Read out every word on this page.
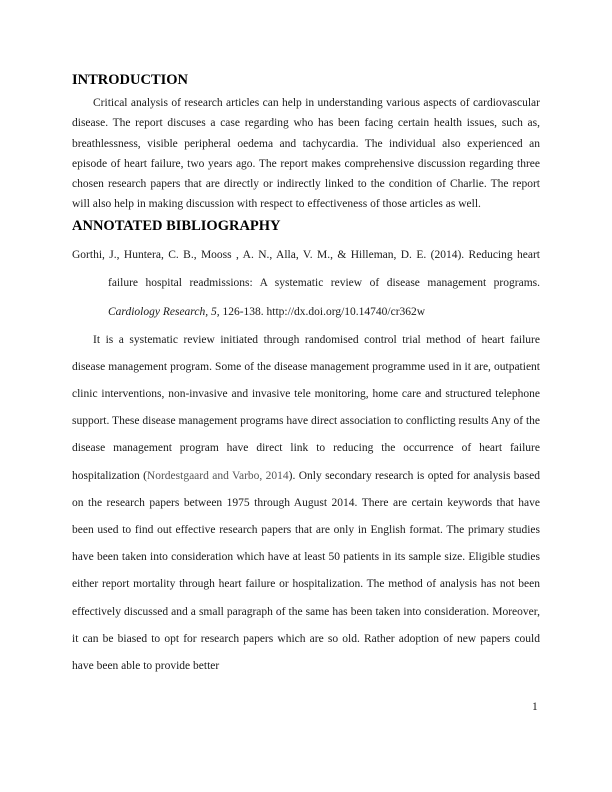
INTRODUCTION

Critical analysis of research articles can help in understanding various aspects of cardiovascular disease. The report discuses a case regarding who has been facing certain health issues, such as, breathlessness, visible peripheral oedema and tachycardia. The individual also experienced an episode of heart failure, two years ago. The report makes comprehensive discussion regarding three chosen research papers that are directly or indirectly linked to the condition of Charlie. The report will also help in making discussion with respect to effectiveness of those articles as well.

ANNOTATED BIBLIOGRAPHY

Gorthi, J., Huntera, C. B., Mooss , A. N., Alla, V. M., & Hilleman, D. E. (2014). Reducing heart failure hospital readmissions: A systematic review of disease management programs. Cardiology Research, 5, 126-138. http://dx.doi.org/10.14740/cr362w

It is a systematic review initiated through randomised control trial method of heart failure disease management program. Some of the disease management programme used in it are, outpatient clinic interventions, non-invasive and invasive tele monitoring, home care and structured telephone support. These disease management programs have direct association to conflicting results Any of the disease management program have direct link to reducing the occurrence of heart failure hospitalization (Nordestgaard and Varbo, 2014). Only secondary research is opted for analysis based on the research papers between 1975 through August 2014. There are certain keywords that have been used to find out effective research papers that are only in English format. The primary studies have been taken into consideration which have at least 50 patients in its sample size. Eligible studies either report mortality through heart failure or hospitalization. The method of analysis has not been effectively discussed and a small paragraph of the same has been taken into consideration. Moreover, it can be biased to opt for research papers which are so old. Rather adoption of new papers could have been able to provide better

1
